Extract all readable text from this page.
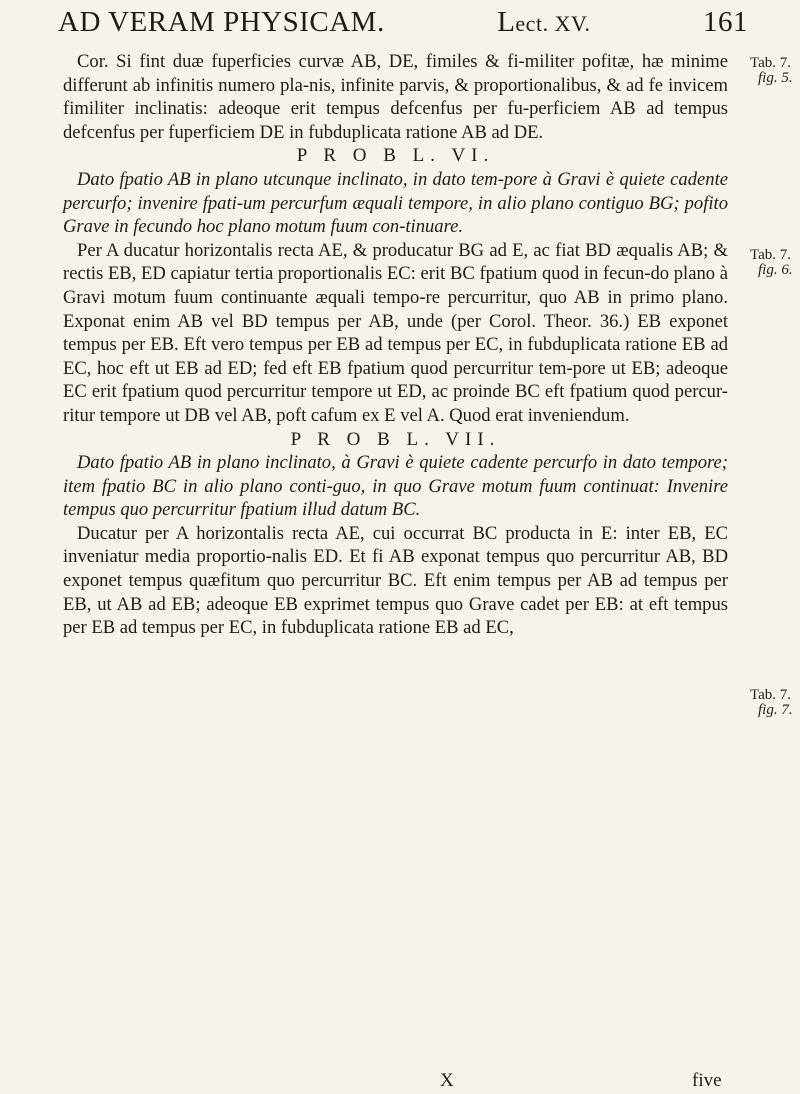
AD VERAM PHYSICAM.	Lect. XV.	161
Tab. 7.
fig. 5.
Tab. 7.
fig. 6.
Tab. 7.
fig. 7.

Cor. Si fint duæ fuperficies curvæ AB, DE, fimiles & fi-militer pofitæ, hæ minime differunt ab infinitis numero pla-nis, infinite parvis, & proportionalibus, & ad fe invicem fimiliter inclinatis: adeoque erit tempus defcenfus per fu-perficiem AB ad tempus defcenfus per fuperficiem DE in fubduplicata ratione AB ad DE.

P R O B L. VI.

Dato fpatio AB in plano utcunque inclinato, in dato tem-pore à Gravi è quiete cadente percurfo; invenire fpati-um percurfum æquali tempore, in alio plano contiguo BG; pofito Grave in fecundo hoc plano motum fuum con-tinuare.

Per A ducatur horizontalis recta AE, & producatur BG ad E, ac fiat BD æqualis AB; & rectis EB, ED capiatur tertia proportionalis EC: erit BC fpatium quod in fecun-do plano à Gravi motum fuum continuante æquali tempo-re percurritur, quo AB in primo plano. Exponat enim AB vel BD tempus per AB, unde (per Corol. Theor. 36.) EB exponet tempus per EB. Eft vero tempus per EB ad tempus per EC, in fubduplicata ratione EB ad EC, hoc eft ut EB ad ED; fed eft EB fpatium quod percurritur tem-pore ut EB; adeoque EC erit fpatium quod percurritur tempore ut ED, ac proinde BC eft fpatium quod percur-ritur tempore ut DB vel AB, poft cafum ex E vel A. Quod erat inveniendum.

P R O B L. VII.

Dato fpatio AB in plano inclinato, à Gravi è quiete cadente percurfo in dato tempore; item fpatio BC in alio plano conti-guo, in quo Grave motum fuum continuat: Invenire tempus quo percurritur fpatium illud datum BC.

Ducatur per A horizontalis recta AE, cui occurrat BC producta in E: inter EB, EC inveniatur media proportio-nalis ED. Et fi AB exponat tempus quo percurritur AB, BD exponet tempus quæfitum quo percurritur BC. Eft enim tempus per AB ad tempus per EB, ut AB ad EB; adeoque EB exprimet tempus quo Grave cadet per EB: at eft tempus per EB ad tempus per EC, in fubduplicata ratione EB ad EC,

X	five
